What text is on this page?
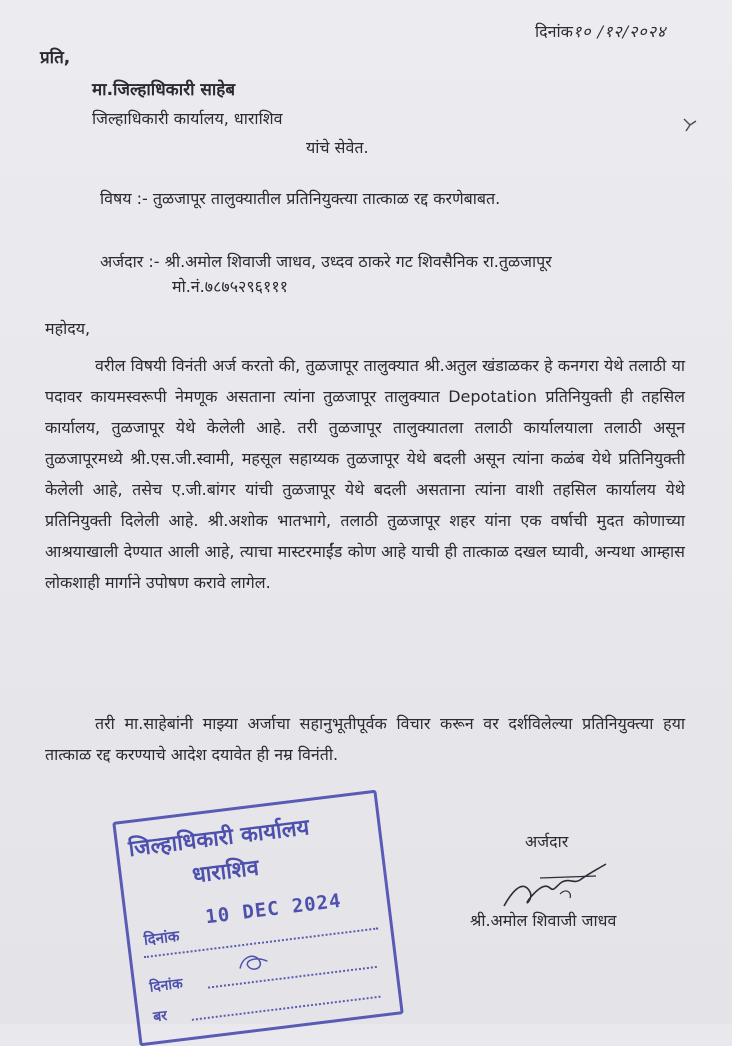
दिनांक१० /१२/२०२४
प्रति,
मा.जिल्हाधिकारी साहेब
जिल्हाधिकारी कार्यालय, धाराशिव
यांचे सेवेत.
विषय :- तुळजापूर तालुक्यातील प्रतिनियुक्त्या तात्काळ रद्द करणेबाबत.
अर्जदार :- श्री.अमोल शिवाजी जाधव, उध्दव ठाकरे गट शिवसैनिक रा.तुळजापूर
मो.नं.७८७५२९६१११
महोदय,
वरील विषयी विनंती अर्ज करतो की, तुळजापूर तालुक्यात श्री.अतुल खंडाळकर हे कनगरा येथे तलाठी या पदावर कायमस्वरूपी नेमणूक असताना त्यांना तुळजापूर तालुक्यात Depotation प्रतिनियुक्ती ही तहसिल कार्यालय, तुळजापूर येथे केलेली आहे. तरी तुळजापूर तालुक्यातला तलाठी कार्यालयाला तलाठी असून तुळजापूरमध्ये श्री.एस.जी.स्वामी, महसूल सहाय्यक तुळजापूर येथे बदली असून त्यांना कळंब येथे प्रतिनियुक्ती केलेली आहे, तसेच ए.जी.बांगर यांची तुळजापूर येथे बदली असताना त्यांना वाशी तहसिल कार्यालय येथे प्रतिनियुक्ती दिलेली आहे. श्री.अशोक भातभागे, तलाठी तुळजापूर शहर यांना एक वर्षाची मुदत कोणाच्या आश्रयाखाली देण्यात आली आहे, त्याचा मास्टरमाईंड कोण आहे याची ही तात्काळ दखल घ्यावी, अन्यथा आम्हास लोकशाही मार्गाने उपोषण करावे लागेल.
तरी मा.साहेबांनी माझ्या अर्जाचा सहानुभूतीपूर्वक विचार करून वर दर्शविलेल्या प्रतिनियुक्त्या हया तात्काळ रद्द करण्याचे आदेश दयावेत ही नम्र विनंती.
अर्जदार
श्री.अमोल शिवाजी जाधव
जिल्हाधिकारी कार्यालय
धाराशिव
दिनांक
10 DEC 2024
दिनांक
बर
